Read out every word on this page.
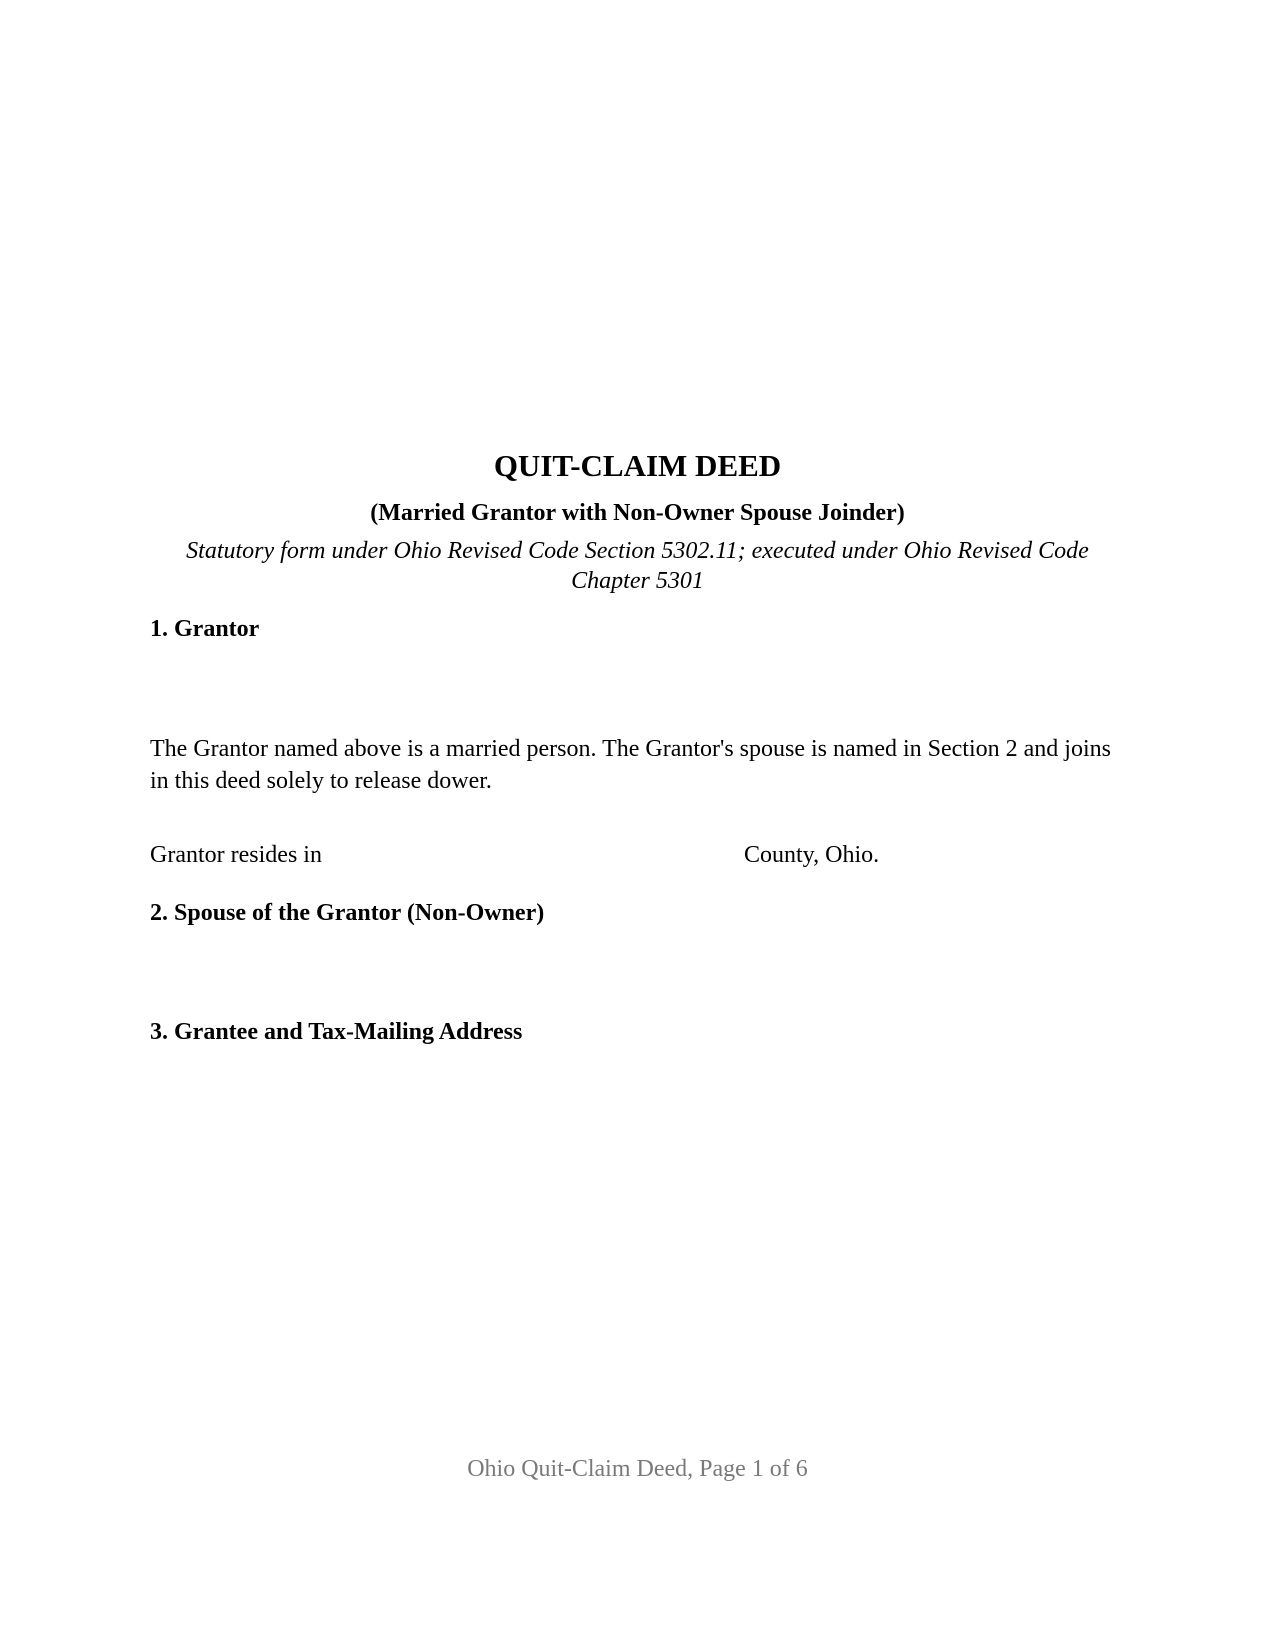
QUIT-CLAIM DEED
(Married Grantor with Non-Owner Spouse Joinder)
Statutory form under Ohio Revised Code Section 5302.11; executed under Ohio Revised Code Chapter 5301
1. Grantor
The Grantor named above is a married person. The Grantor's spouse is named in Section 2 and joins in this deed solely to release dower.
Grantor resides in	County, Ohio.
2. Spouse of the Grantor (Non-Owner)
3. Grantee and Tax-Mailing Address
Ohio Quit-Claim Deed, Page 1 of 6
